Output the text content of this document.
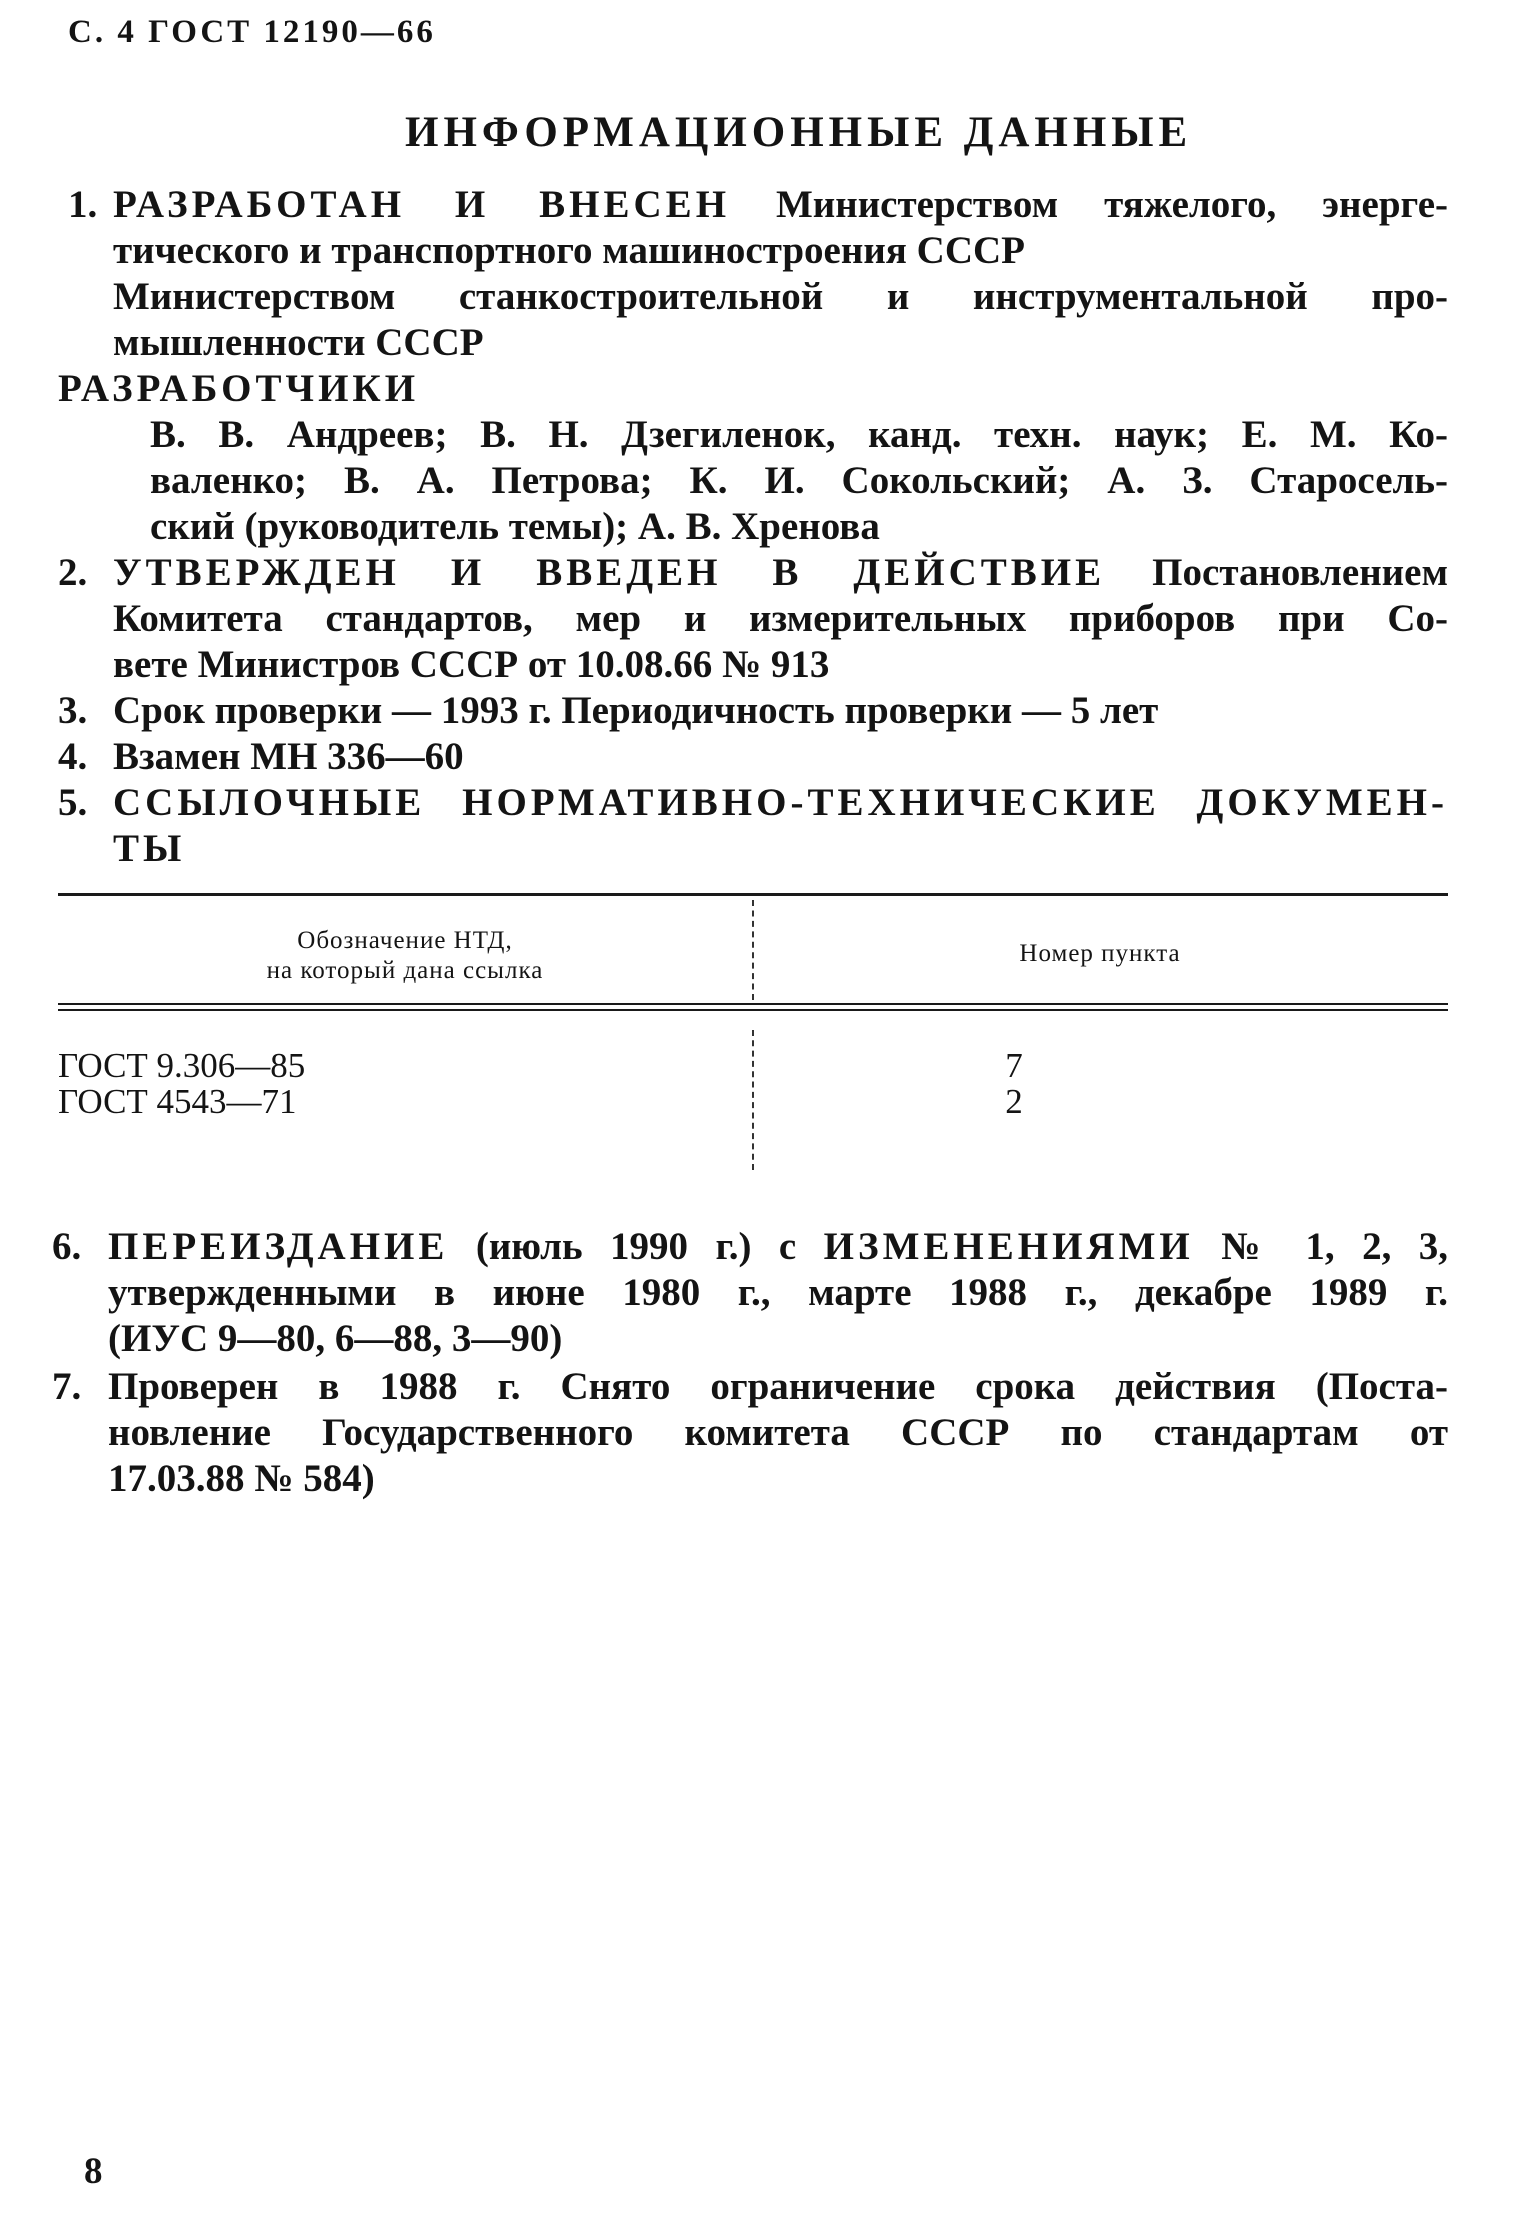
С. 4 ГОСТ 12190—66
ИНФОРМАЦИОННЫЕ ДАННЫЕ
1. РАЗРАБОТАН И ВНЕСЕН Министерством тяжелого, энерге-
тического и транспортного машиностроения СССР
Министерством станкостроительной и инструментальной про-
мышленности СССР
РАЗРАБОТЧИКИ
В. В. Андреев; В. Н. Дзегиленок, канд. техн. наук; Е. М. Ко-
валенко; В. А. Петрова; К. И. Сокольский; А. З. Старосель-
ский (руководитель темы); А. В. Хренова
2. УТВЕРЖДЕН И ВВЕДЕН В ДЕЙСТВИЕ Постановлением
Комитета стандартов, мер и измерительных приборов при Со-
вете Министров СССР от 10.08.66 № 913
3. Срок проверки — 1993 г. Периодичность проверки — 5 лет
4. Взамен МН 336—60
5. ССЫЛОЧНЫЕ НОРМАТИВНО-ТЕХНИЧЕСКИЕ ДОКУМЕН-
ТЫ
Обозначение НТД,
на который дана ссылка
Номер пункта
ГОСТ 9.306—85	7
ГОСТ 4543—71	2
6. ПЕРЕИЗДАНИЕ (июль 1990 г.) с ИЗМЕНЕНИЯМИ № 1, 2, 3,
утвержденными в июне 1980 г., марте 1988 г., декабре 1989 г.
(ИУС 9—80, 6—88, 3—90)
7. Проверен в 1988 г. Снято ограничение срока действия (Поста-
новление Государственного комитета СССР по стандартам от
17.03.88 № 584)
8
